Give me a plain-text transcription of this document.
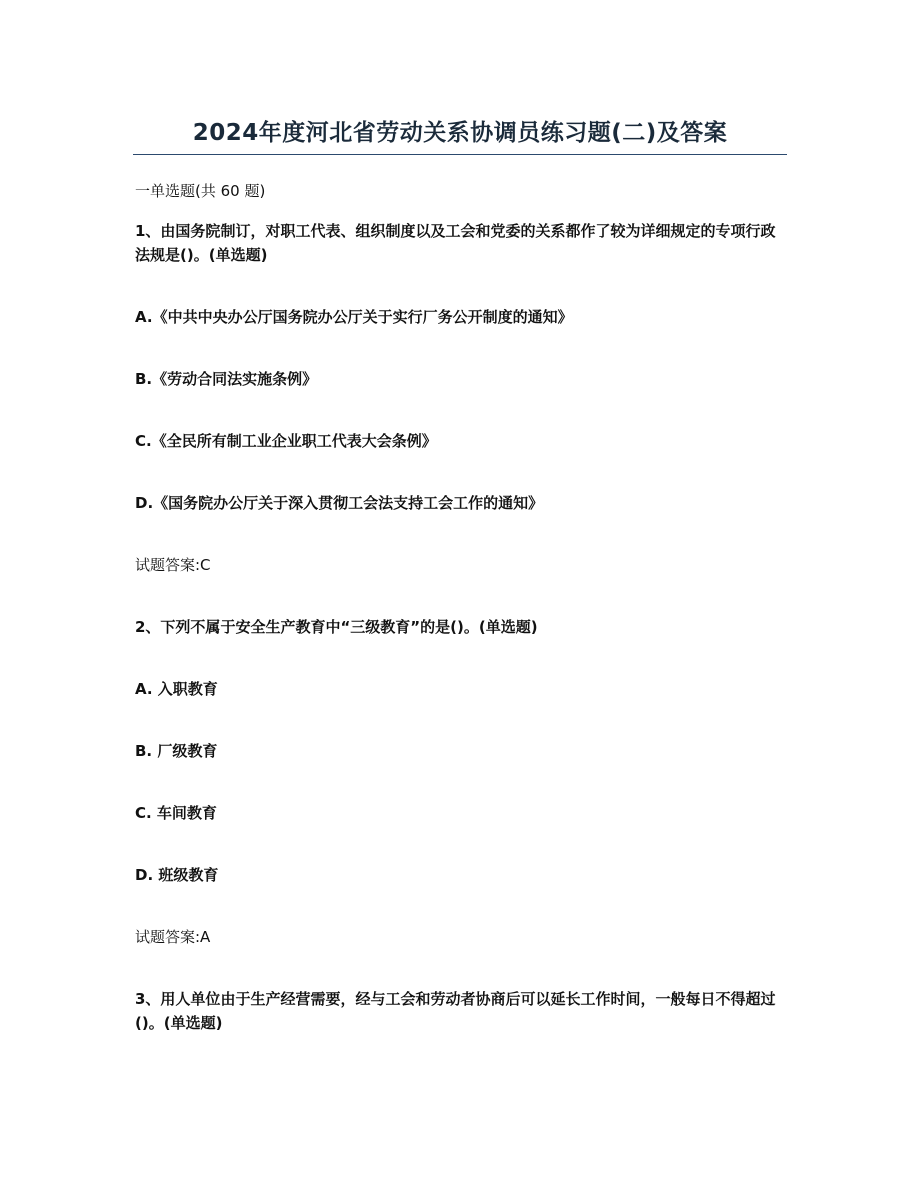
2024年度河北省劳动关系协调员练习题(二)及答案
一单选题(共 60 题)
1、由国务院制订，对职工代表、组织制度以及工会和党委的关系都作了较为详细规定的专项行政法规是()。(单选题)
A.《中共中央办公厅国务院办公厅关于实行厂务公开制度的通知》
B.《劳动合同法实施条例》
C.《全民所有制工业企业职工代表大会条例》
D.《国务院办公厅关于深入贯彻工会法支持工会工作的通知》
试题答案:C
2、下列不属于安全生产教育中“三级教育”的是()。(单选题)
A. 入职教育
B. 厂级教育
C. 车间教育
D. 班级教育
试题答案:A
3、用人单位由于生产经营需要，经与工会和劳动者协商后可以延长工作时间，一般每日不得超过()。(单选题)
